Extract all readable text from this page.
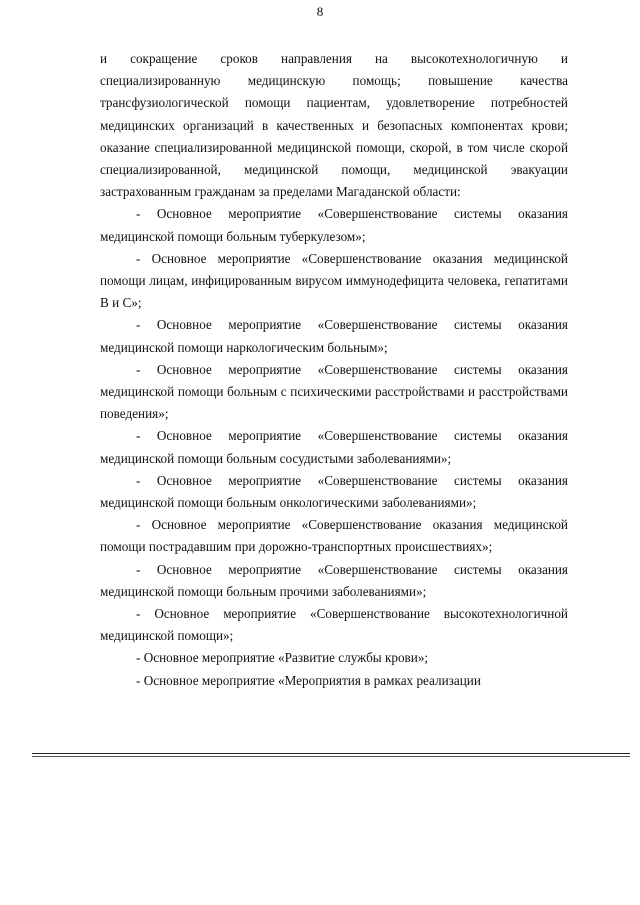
8

и сокращение сроков направления на высокотехнологичную и специализированную медицинскую помощь; повышение качества трансфузиологической помощи пациентам, удовлетворение потребностей медицинских организаций в качественных и безопасных компонентах крови; оказание специализированной медицинской помощи, скорой, в том числе скорой специализированной, медицинской помощи, медицинской эвакуации застрахованным гражданам за пределами Магаданской области:

- Основное мероприятие «Совершенствование системы оказания медицинской помощи больным туберкулезом»;

- Основное мероприятие «Совершенствование оказания медицинской помощи лицам, инфицированным вирусом иммунодефицита человека, гепатитами В и С»;

- Основное мероприятие «Совершенствование системы оказания медицинской помощи наркологическим больным»;

- Основное мероприятие «Совершенствование системы оказания медицинской помощи больным с психическими расстройствами и расстройствами поведения»;

- Основное мероприятие «Совершенствование системы оказания медицинской помощи больным сосудистыми заболеваниями»;

- Основное мероприятие «Совершенствование системы оказания медицинской помощи больным онкологическими заболеваниями»;

- Основное мероприятие «Совершенствование оказания медицинской помощи пострадавшим при дорожно-транспортных происшествиях»;

- Основное мероприятие «Совершенствование системы оказания медицинской помощи больным прочими заболеваниями»;

- Основное мероприятие «Совершенствование высокотехнологичной медицинской помощи»;

- Основное мероприятие «Развитие службы крови»;

- Основное мероприятие «Мероприятия в рамках реализации
